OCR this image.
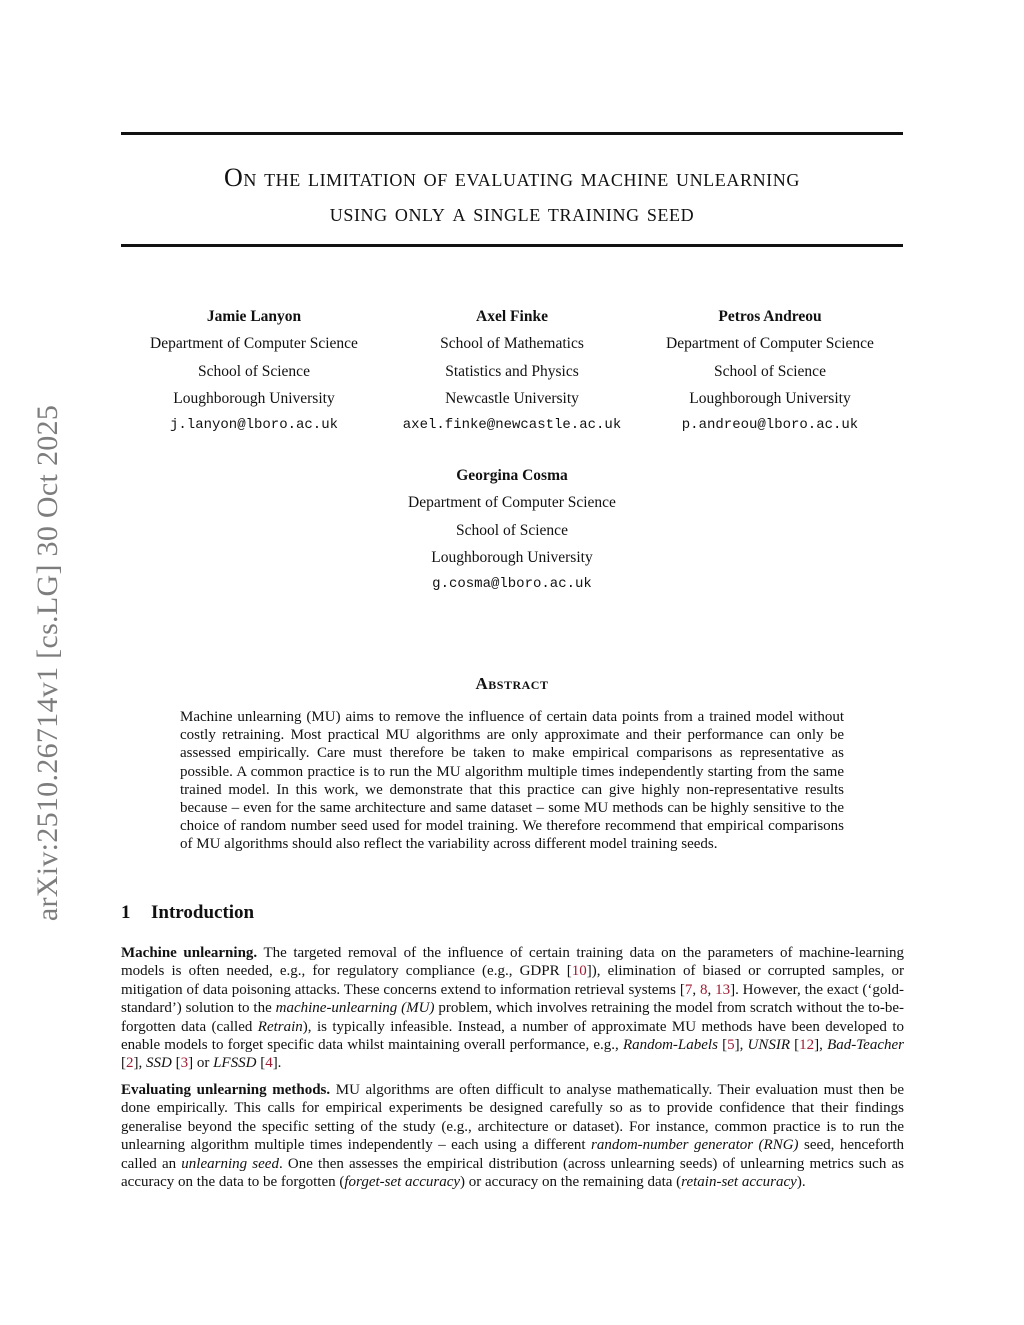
arXiv:2510.26714v1 [cs.LG] 30 Oct 2025
On the limitation of evaluating machine unlearning
using only a single training seed
Jamie Lanyon
Department of Computer Science
School of Science
Loughborough University
j.lanyon@lboro.ac.uk
Axel Finke
School of Mathematics
Statistics and Physics
Newcastle University
axel.finke@newcastle.ac.uk
Petros Andreou
Department of Computer Science
School of Science
Loughborough University
p.andreou@lboro.ac.uk
Georgina Cosma
Department of Computer Science
School of Science
Loughborough University
g.cosma@lboro.ac.uk
Abstract

Machine unlearning (MU) aims to remove the influence of certain data points from a trained model without costly retraining. Most practical MU algorithms are only approximate and their performance can only be assessed empirically. Care must therefore be taken to make empirical comparisons as representative as possible. A common practice is to run the MU algorithm multiple times independently starting from the same trained model. In this work, we demonstrate that this practice can give highly non-representative results because – even for the same architecture and same dataset – some MU methods can be highly sensitive to the choice of random number seed used for model training. We therefore recommend that empirical comparisons of MU algorithms should also reflect the variability across different model training seeds.

1 Introduction

Machine unlearning. The targeted removal of the influence of certain training data on the parameters of machine-learning models is often needed, e.g., for regulatory compliance (e.g., GDPR [10]), elimination of biased or corrupted samples, or mitigation of data poisoning attacks. These concerns extend to information retrieval systems [7, 8, 13]. However, the exact (‘gold-standard’) solution to the machine-unlearning (MU) problem, which involves retraining the model from scratch without the to-be-forgotten data (called Retrain), is typically infeasible. Instead, a number of approximate MU methods have been developed to enable models to forget specific data whilst maintaining overall performance, e.g., Random-Labels [5], UNSIR [12], Bad-Teacher [2], SSD [3] or LFSSD [4].

Evaluating unlearning methods. MU algorithms are often difficult to analyse mathematically. Their evaluation must then be done empirically. This calls for empirical experiments be designed carefully so as to provide confidence that their findings generalise beyond the specific setting of the study (e.g., architecture or dataset). For instance, common practice is to run the unlearning algorithm multiple times independently – each using a different random-number generator (RNG) seed, henceforth called an unlearning seed. One then assesses the empirical distribution (across unlearning seeds) of unlearning metrics such as accuracy on the data to be forgotten (forget-set accuracy) or accuracy on the remaining data (retain-set accuracy).
